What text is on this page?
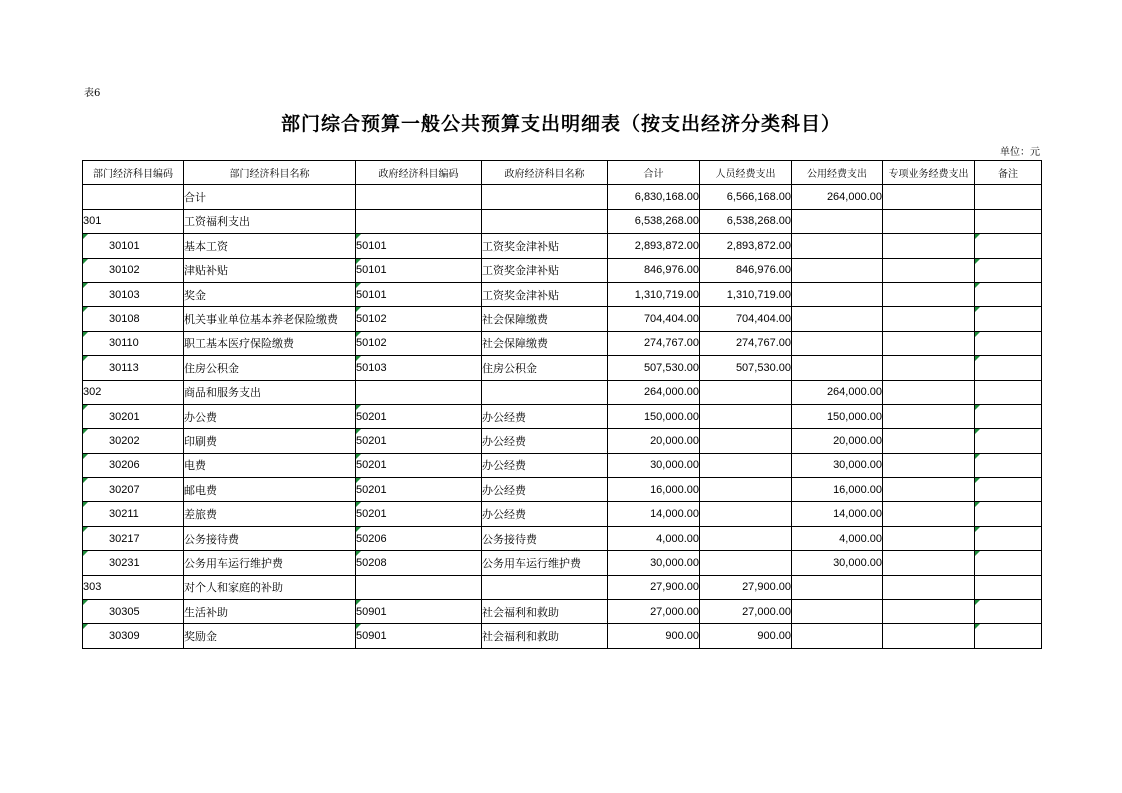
表6
部门综合预算一般公共预算支出明细表（按支出经济分类科目）
单位：元
部门经济科目编码	部门经济科目名称	政府经济科目编码	政府经济科目名称	合计	人员经费支出	公用经费支出	专项业务经费支出	备注
	合计			6,830,168.00	6,566,168.00	264,000.00		
301	工资福利支出			6,538,268.00	6,538,268.00			
30101	基本工资	50101	工资奖金津补贴	2,893,872.00	2,893,872.00			
30102	津贴补贴	50101	工资奖金津补贴	846,976.00	846,976.00			
30103	奖金	50101	工资奖金津补贴	1,310,719.00	1,310,719.00			
30108	机关事业单位基本养老保险缴费	50102	社会保障缴费	704,404.00	704,404.00			
30110	职工基本医疗保险缴费	50102	社会保障缴费	274,767.00	274,767.00			
30113	住房公积金	50103	住房公积金	507,530.00	507,530.00			
302	商品和服务支出			264,000.00		264,000.00		
30201	办公费	50201	办公经费	150,000.00		150,000.00		
30202	印刷费	50201	办公经费	20,000.00		20,000.00		
30206	电费	50201	办公经费	30,000.00		30,000.00		
30207	邮电费	50201	办公经费	16,000.00		16,000.00		
30211	差旅费	50201	办公经费	14,000.00		14,000.00		
30217	公务接待费	50206	公务接待费	4,000.00		4,000.00		
30231	公务用车运行维护费	50208	公务用车运行维护费	30,000.00		30,000.00		
303	对个人和家庭的补助			27,900.00	27,900.00			
30305	生活补助	50901	社会福利和救助	27,000.00	27,000.00			
30309	奖励金	50901	社会福利和救助	900.00	900.00			
